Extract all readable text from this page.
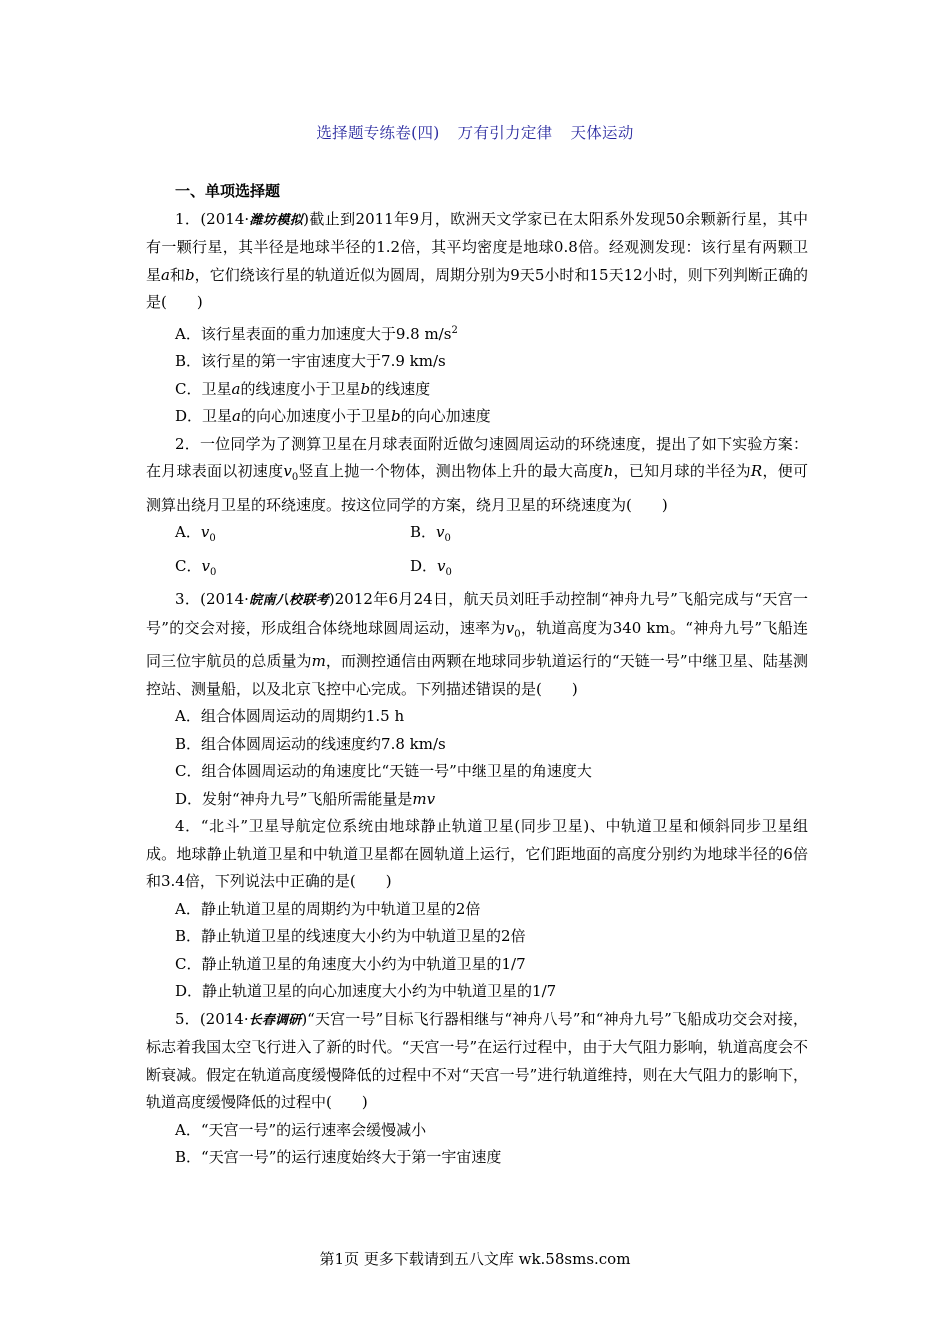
选择题专练卷(四) 万有引力定律 天体运动
一、单项选择题

1．(2014·潍坊模拟)截止到2011年9月，欧洲天文学家已在太阳系外发现50余颗新行星，其中有一颗行星，其半径是地球半径的1.2倍，其平均密度是地球0.8倍。经观测发现：该行星有两颗卫星a和b，它们绕该行星的轨道近似为圆周，周期分别为9天5小时和15天12小时，则下列判断正确的是(　　)

A．该行星表面的重力加速度大于9.8 $m/s^2$

B．该行星的第一宇宙速度大于7.9 km/s

C．卫星a的线速度小于卫星b的线速度

D．卫星a的向心加速度小于卫星b的向心加速度

2．一位同学为了测算卫星在月球表面附近做匀速圆周运动的环绕速度，提出了如下实验方案：在月球表面以初速度$v_0$竖直上抛一个物体，测出物体上升的最大高度h，已知月球的半径为R，便可测算出绕月卫星的环绕速度。按这位同学的方案，绕月卫星的环绕速度为(　　)

A．$v_0$	B．$v_0$
C．$v_0$	D．$v_0$

3．(2014·皖南八校联考)2012年6月24日，航天员刘旺手动控制“神舟九号”飞船完成与“天宫一号”的交会对接，形成组合体绕地球圆周运动，速率为$v_0$，轨道高度为340 km。“神舟九号”飞船连同三位宇航员的总质量为m，而测控通信由两颗在地球同步轨道运行的“天链一号”中继卫星、陆基测控站、测量船，以及北京飞控中心完成。下列描述错误的是(　　)

A．组合体圆周运动的周期约1.5 h

B．组合体圆周运动的线速度约7.8 km/s

C．组合体圆周运动的角速度比“天链一号”中继卫星的角速度大

D．发射“神舟九号”飞船所需能量是mv

4．“北斗”卫星导航定位系统由地球静止轨道卫星(同步卫星)、中轨道卫星和倾斜同步卫星组成。地球静止轨道卫星和中轨道卫星都在圆轨道上运行，它们距地面的高度分别约为地球半径的6倍和3.4倍，下列说法中正确的是(　　)

A．静止轨道卫星的周期约为中轨道卫星的2倍

B．静止轨道卫星的线速度大小约为中轨道卫星的2倍

C．静止轨道卫星的角速度大小约为中轨道卫星的1/7

D．静止轨道卫星的向心加速度大小约为中轨道卫星的1/7

5．(2014·长春调研)“天宫一号”目标飞行器相继与“神舟八号”和“神舟九号”飞船成功交会对接，标志着我国太空飞行进入了新的时代。“天宫一号”在运行过程中，由于大气阻力影响，轨道高度会不断衰减。假定在轨道高度缓慢降低的过程中不对“天宫一号”进行轨道维持，则在大气阻力的影响下，轨道高度缓慢降低的过程中(　　)

A．“天宫一号”的运行速率会缓慢减小

B．“天宫一号”的运行速度始终大于第一宇宙速度

第1页 更多下载请到五八文库 wk.58sms.com
